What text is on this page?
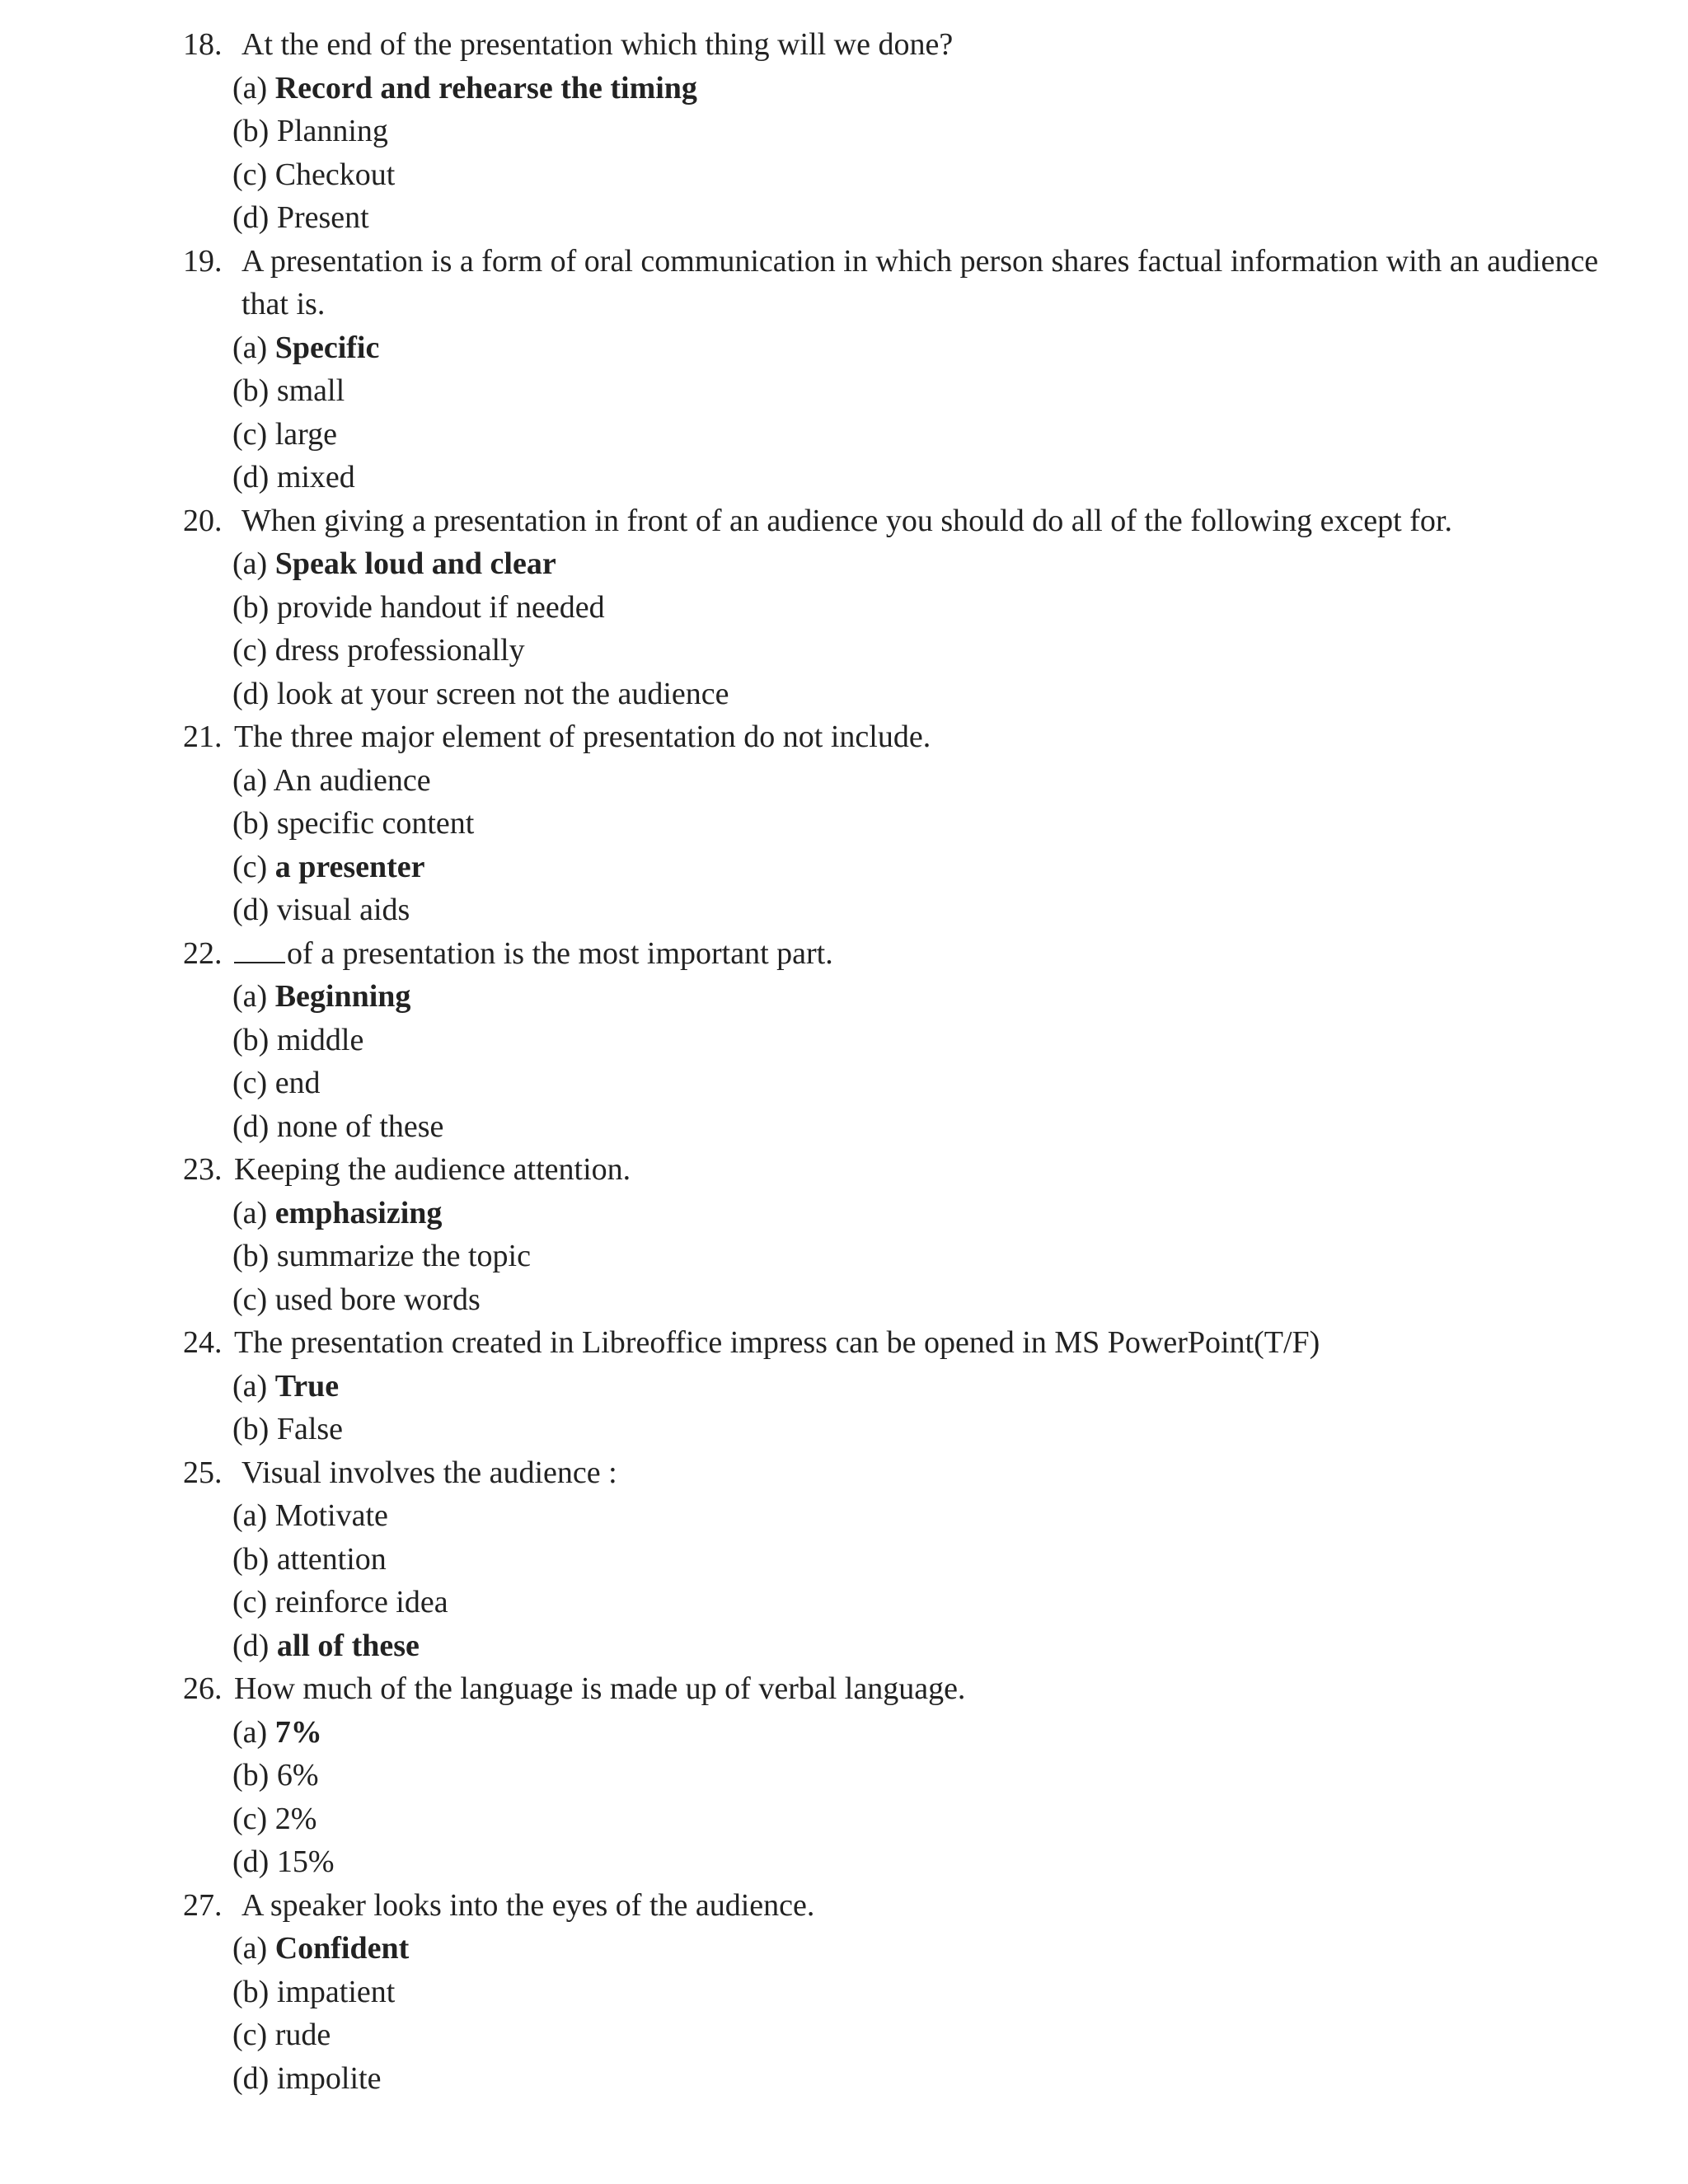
18. At the end of the presentation which thing will we done?
(a) Record and rehearse the timing
(b) Planning
(c) Checkout
(d) Present
19. A presentation is a form of oral communication in which person shares factual information with an audience that is.
(a) Specific
(b) small
(c) large
(d) mixed
20. When giving a presentation in front of an audience you should do all of the following except for.
(a) Speak loud and clear
(b) provide handout if needed
(c) dress professionally
(d) look at your screen not the audience
21. The three major element of presentation do not include.
(a) An audience
(b) specific content
(c) a presenter
(d) visual aids
22.	of a presentation is the most important part.
(a) Beginning
(b) middle
(c) end
(d) none of these
23. Keeping the audience attention.
(a) emphasizing
(b) summarize the topic
(c) used bore words
24. The presentation created in Libreoffice impress can be opened in MS PowerPoint(T/F)
(a) True
(b) False
25. Visual involves the audience :
(a) Motivate
(b) attention
(c) reinforce idea
(d) all of these
26. How much of the language is made up of verbal language.
(a) 7%
(b) 6%
(c) 2%
(d) 15%
27. A speaker looks into the eyes of the audience.
(a) Confident
(b) impatient
(c) rude
(d) impolite
